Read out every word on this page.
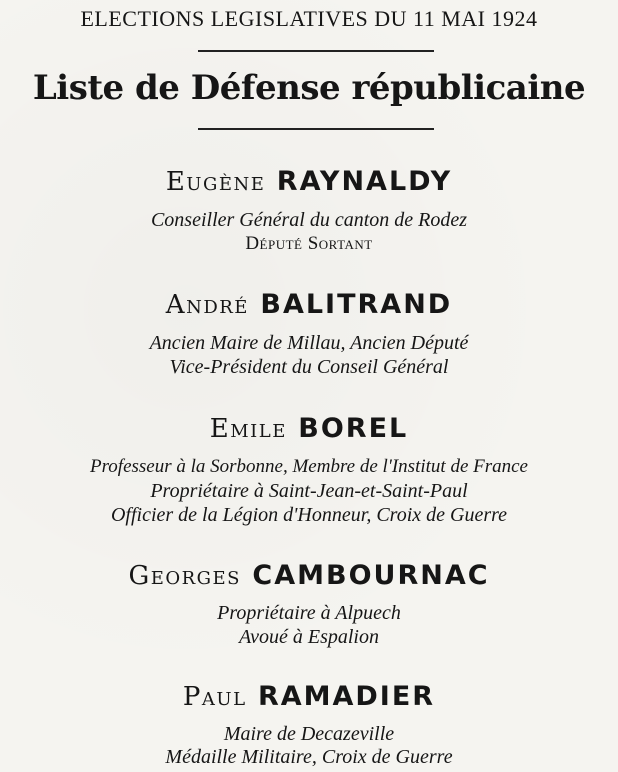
ELECTIONS LEGISLATIVES DU 11 MAI 1924
Liste de Défense républicaine
Eugène RAYNALDY
Conseiller Général du canton de Rodez
Député Sortant
André BALITRAND
Ancien Maire de Millau, Ancien Député
Vice-Président du Conseil Général
Emile BOREL
Professeur à la Sorbonne, Membre de l'Institut de France
Propriétaire à Saint-Jean-et-Saint-Paul
Officier de la Légion d'Honneur, Croix de Guerre
Georges CAMBOURNAC
Propriétaire à Alpuech
Avoué à Espalion
Paul RAMADIER
Maire de Decazeville
Médaille Militaire, Croix de Guerre
